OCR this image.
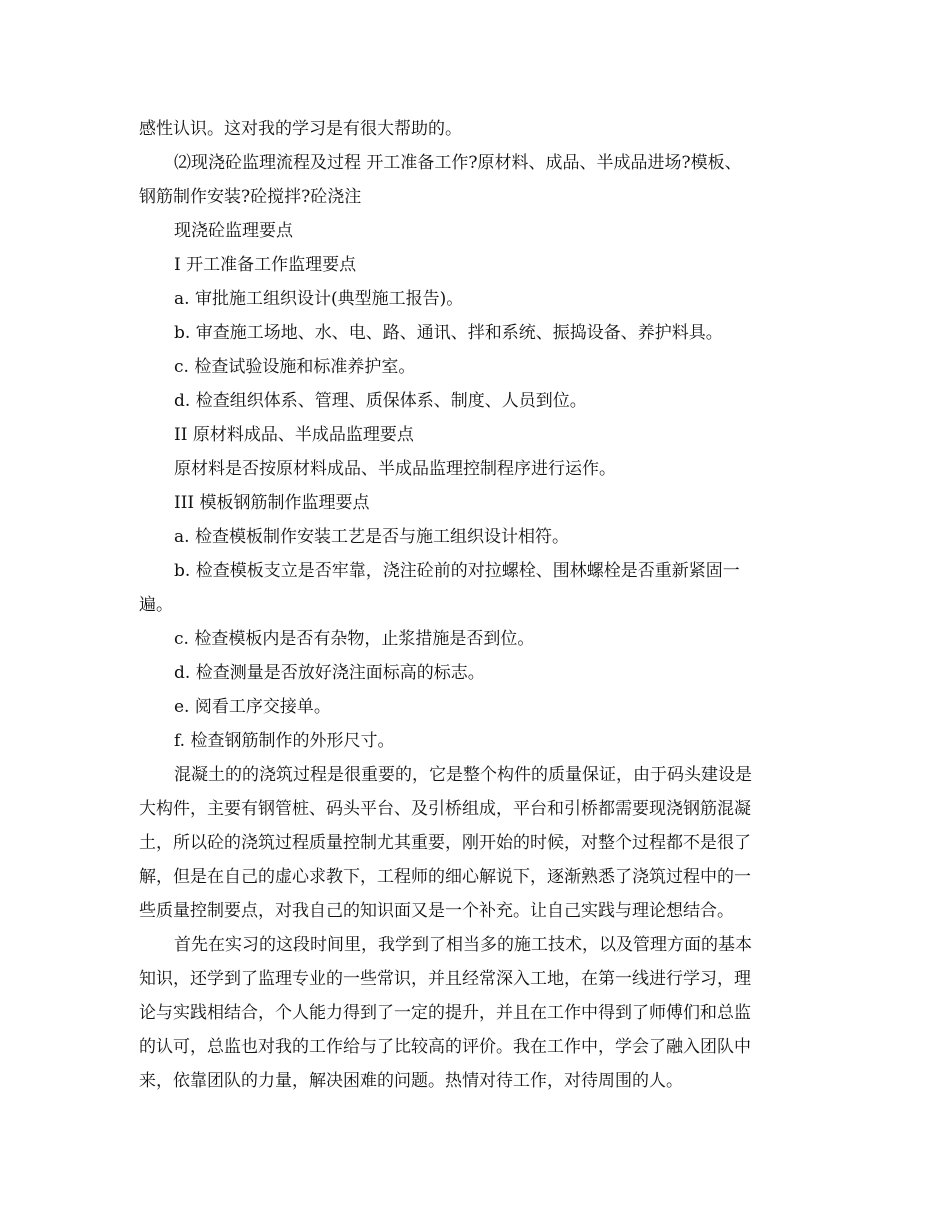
感性认识。这对我的学习是有很大帮助的。
⑵现浇砼监理流程及过程 开工准备工作?原材料、成品、半成品进场?模板、
钢筋制作安装?砼搅拌?砼浇注
现浇砼监理要点
I 开工准备工作监理要点
a. 审批施工组织设计(典型施工报告)。
b. 审查施工场地、水、电、路、通讯、拌和系统、振捣设备、养护料具。
c. 检查试验设施和标准养护室。
d. 检查组织体系、管理、质保体系、制度、人员到位。
II 原材料成品、半成品监理要点
原材料是否按原材料成品、半成品监理控制程序进行运作。
III 模板钢筋制作监理要点
a. 检查模板制作安装工艺是否与施工组织设计相符。
b. 检查模板支立是否牢靠，浇注砼前的对拉螺栓、围林螺栓是否重新紧固一
遍。
c. 检查模板内是否有杂物，止浆措施是否到位。
d. 检查测量是否放好浇注面标高的标志。
e. 阅看工序交接单。
f. 检查钢筋制作的外形尺寸。
混凝土的的浇筑过程是很重要的，它是整个构件的质量保证，由于码头建设是
大构件，主要有钢管桩、码头平台、及引桥组成，平台和引桥都需要现浇钢筋混凝
土，所以砼的浇筑过程质量控制尤其重要，刚开始的时候，对整个过程都不是很了
解，但是在自己的虚心求教下，工程师的细心解说下，逐渐熟悉了浇筑过程中的一
些质量控制要点，对我自己的知识面又是一个补充。让自己实践与理论想结合。
首先在实习的这段时间里，我学到了相当多的施工技术，以及管理方面的基本
知识，还学到了监理专业的一些常识，并且经常深入工地，在第一线进行学习，理
论与实践相结合，个人能力得到了一定的提升，并且在工作中得到了师傅们和总监
的认可，总监也对我的工作给与了比较高的评价。我在工作中，学会了融入团队中
来，依靠团队的力量，解决困难的问题。热情对待工作，对待周围的人。
